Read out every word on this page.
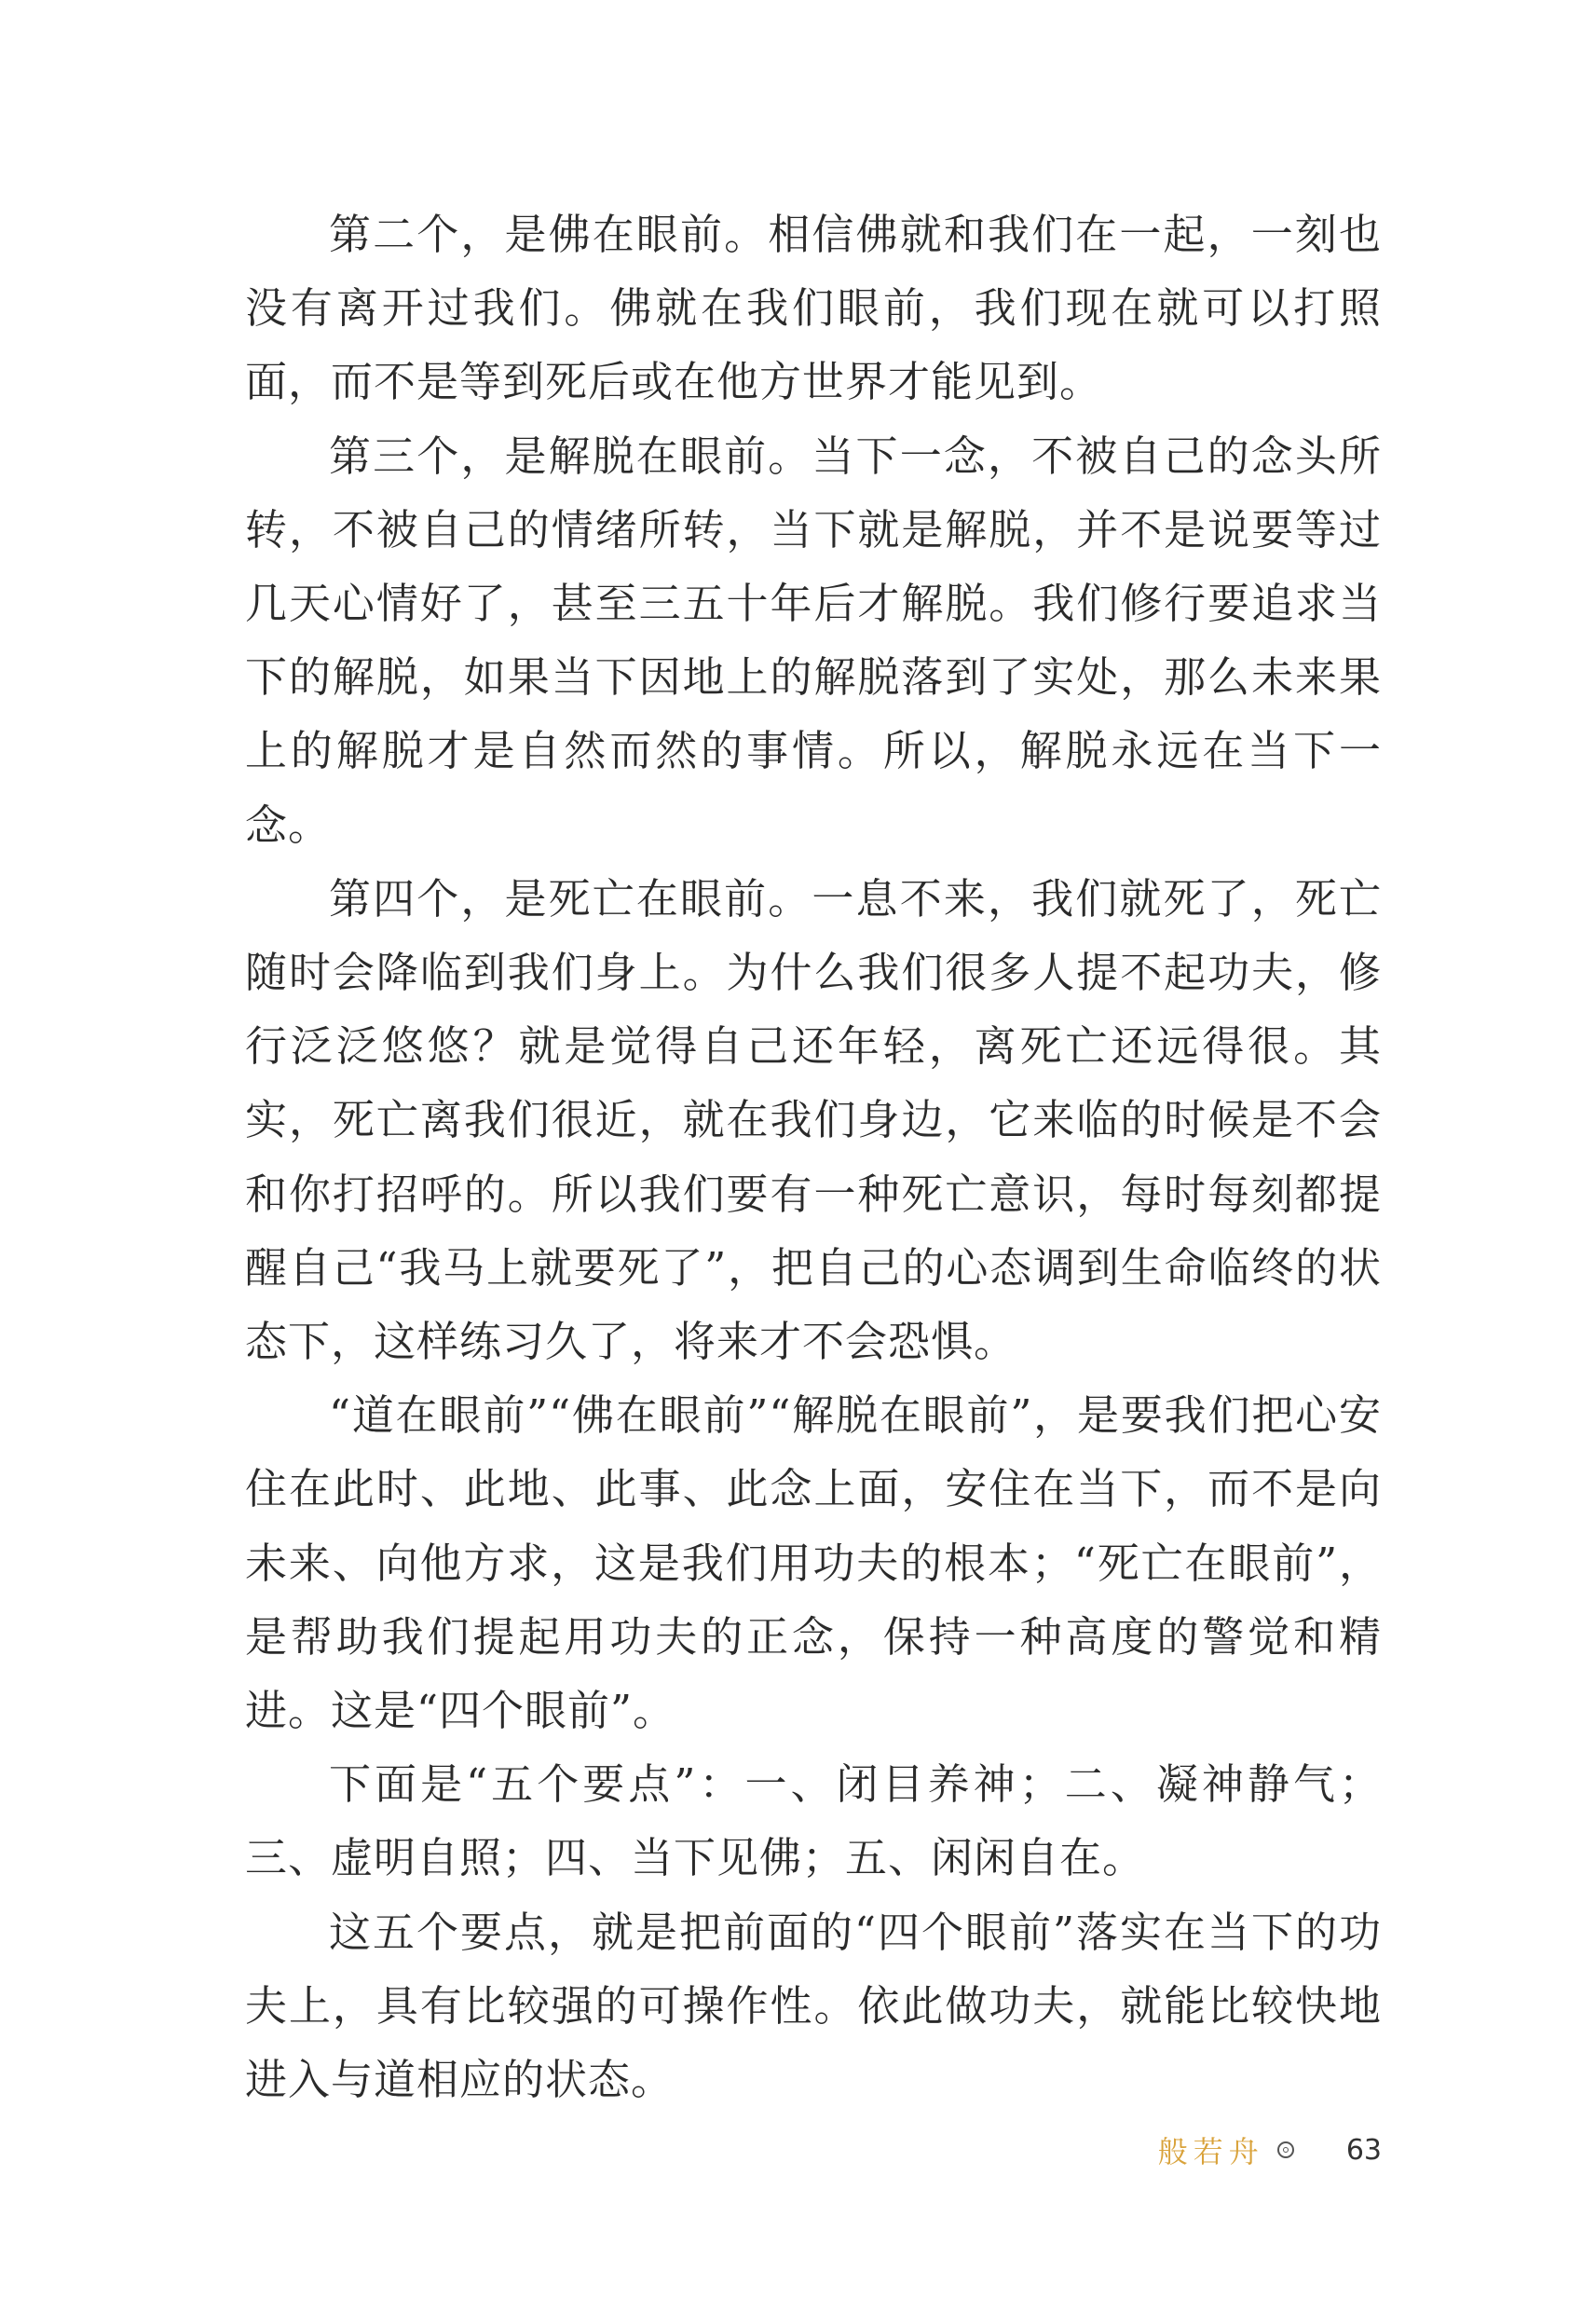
第二个，是佛在眼前。相信佛就和我们在一起，一刻也没有离开过我们。佛就在我们眼前，我们现在就可以打照面，而不是等到死后或在他方世界才能见到。

第三个，是解脱在眼前。当下一念，不被自己的念头所转，不被自己的情绪所转，当下就是解脱，并不是说要等过几天心情好了，甚至三五十年后才解脱。我们修行要追求当下的解脱，如果当下因地上的解脱落到了实处，那么未来果上的解脱才是自然而然的事情。所以，解脱永远在当下一念。

第四个，是死亡在眼前。一息不来，我们就死了，死亡随时会降临到我们身上。为什么我们很多人提不起功夫，修行泛泛悠悠？就是觉得自己还年轻，离死亡还远得很。其实，死亡离我们很近，就在我们身边，它来临的时候是不会和你打招呼的。所以我们要有一种死亡意识，每时每刻都提醒自己“我马上就要死了”，把自己的心态调到生命临终的状态下，这样练习久了，将来才不会恐惧。

“道在眼前”“佛在眼前”“解脱在眼前”，是要我们把心安住在此时、此地、此事、此念上面，安住在当下，而不是向未来、向他方求，这是我们用功夫的根本；“死亡在眼前”，是帮助我们提起用功夫的正念，保持一种高度的警觉和精进。这是“四个眼前”。

下面是“五个要点”：一、闭目养神；二、凝神静气；三、虚明自照；四、当下见佛；五、闲闲自在。

这五个要点，就是把前面的“四个眼前”落实在当下的功夫上，具有比较强的可操作性。依此做功夫，就能比较快地进入与道相应的状态。

般若舟	63
